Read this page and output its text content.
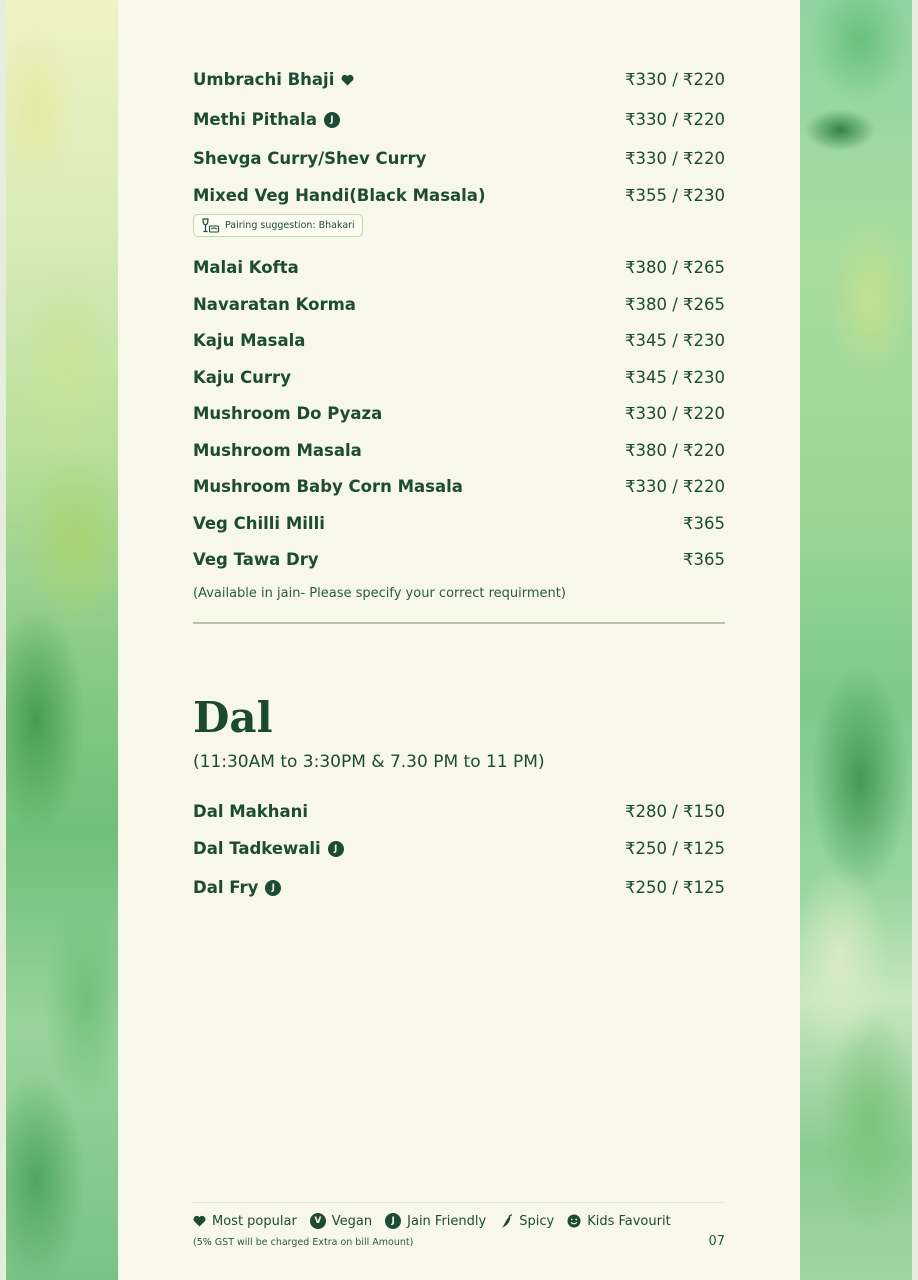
Umbrachi Bhaji	₹330 / ₹220
Methi Pithala	J	₹330 / ₹220
Shevga Curry/Shev Curry	₹330 / ₹220
Mixed Veg Handi(Black Masala)	₹355 / ₹230
Pairing suggestion: Bhakari
Malai Kofta	₹380 / ₹265
Navaratan Korma	₹380 / ₹265
Kaju Masala	₹345 / ₹230
Kaju Curry	₹345 / ₹230
Mushroom Do Pyaza	₹330 / ₹220
Mushroom Masala	₹380 / ₹220
Mushroom Baby Corn Masala	₹330 / ₹220
Veg Chilli Milli	₹365
Veg Tawa Dry	₹365
(Available in jain- Please specify your correct requirment)
Dal
(11:30AM to 3:30PM & 7.30 PM to 11 PM)
Dal Makhani	₹280 / ₹150
Dal Tadkewali	J	₹250 / ₹125
Dal Fry	J	₹250 / ₹125
Most popular	V Vegan	J Jain Friendly	Spicy	Kids Favourit
(5% GST will be charged Extra on bill Amount)	07
